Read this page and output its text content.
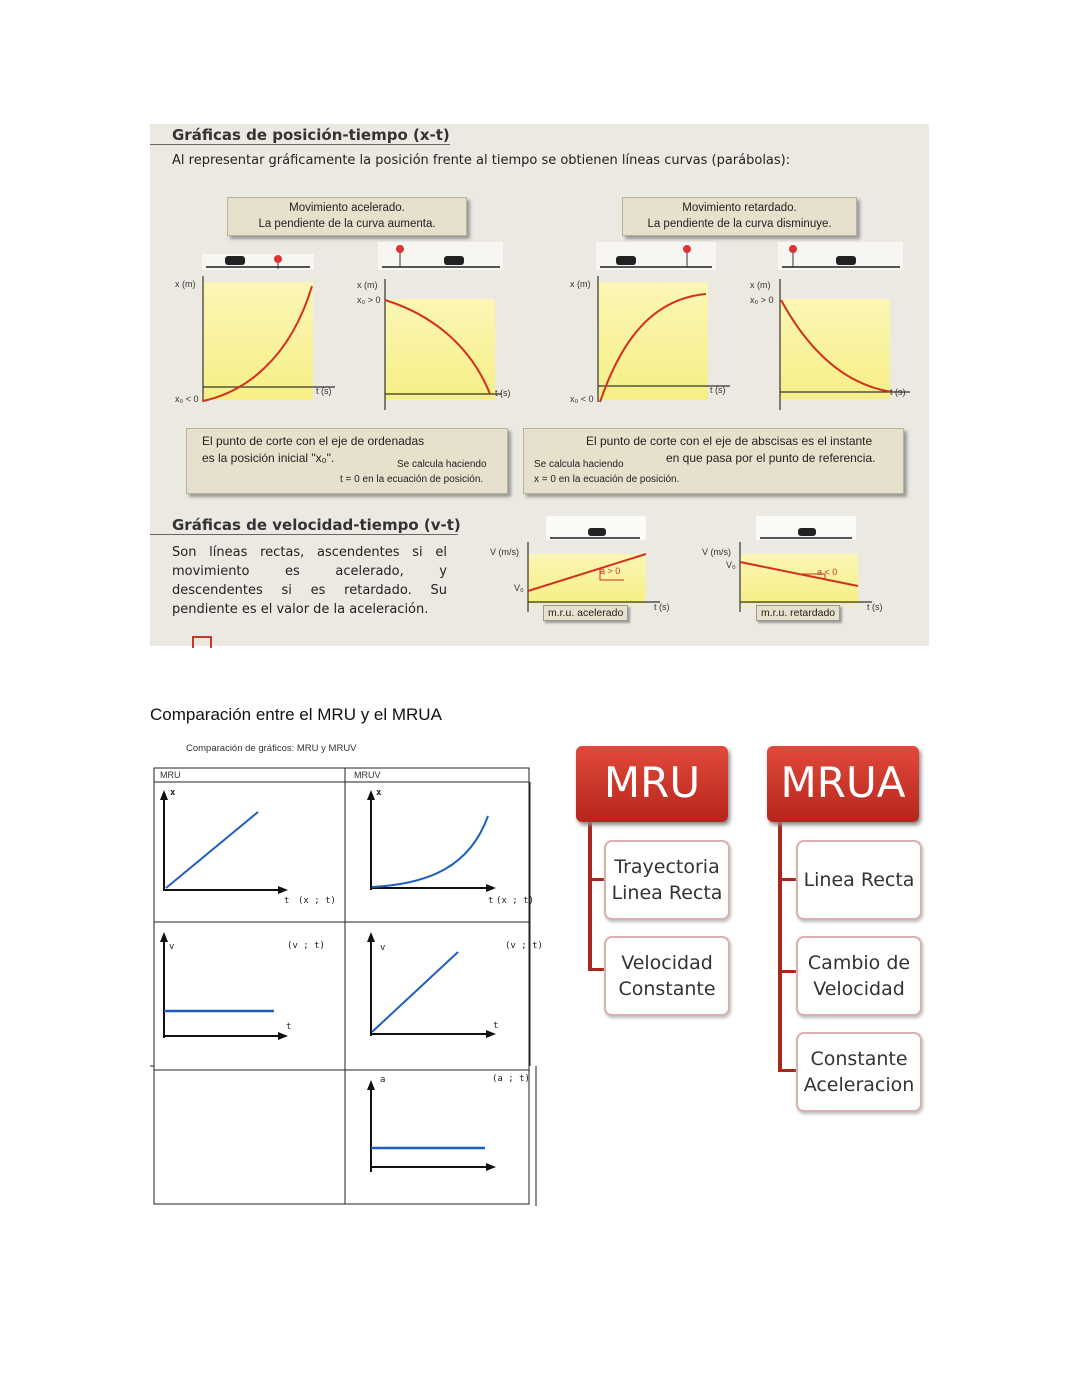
Gráficas de posición-tiempo (x-t)
Al representar gráficamente la posición frente al tiempo se obtienen líneas curvas (parábolas):
Movimiento acelerado.
La pendiente de la curva aumenta.
Movimiento retardado.
La pendiente de la curva disminuye.
x (m)
x₀ < 0
t (s)
x (m)
x₀ > 0
t (s)
x (m)
x₀ < 0
t (s)
x (m)
x₀ > 0
t (s)
El punto de corte con el eje de ordenadas
es la posición inicial "x₀".	Se calcula haciendo
t = 0 en la ecuación de posición.
El punto de corte con el eje de abscisas es el instante
en que pasa por el punto de referencia.
Se calcula haciendo
x = 0 en la ecuación de posición.
Gráficas de velocidad-tiempo (v-t)
Son líneas rectas, ascendentes si el movimiento es acelerado, y descendentes si es retardado. Su pendiente es el valor de la aceleración.
V (m/s)
V₀
a > 0
m.r.u. acelerado	t (s)
V (m/s)
V₀
a < 0
m.r.u. retardado	t (s)
Comparación entre el MRU y el MRUA
Comparación de gráficos: MRU y MRUV
MRU	MRUV
x	x
t (x ; t)	t (x ; t)
v	(v ; t)
t
v	(v ; t)
t
a	(a ; t)
MRU
Trayectoria
Linea Recta
Velocidad
Constante
MRUA
Linea Recta
Cambio de
Velocidad
Constante
Aceleracion
